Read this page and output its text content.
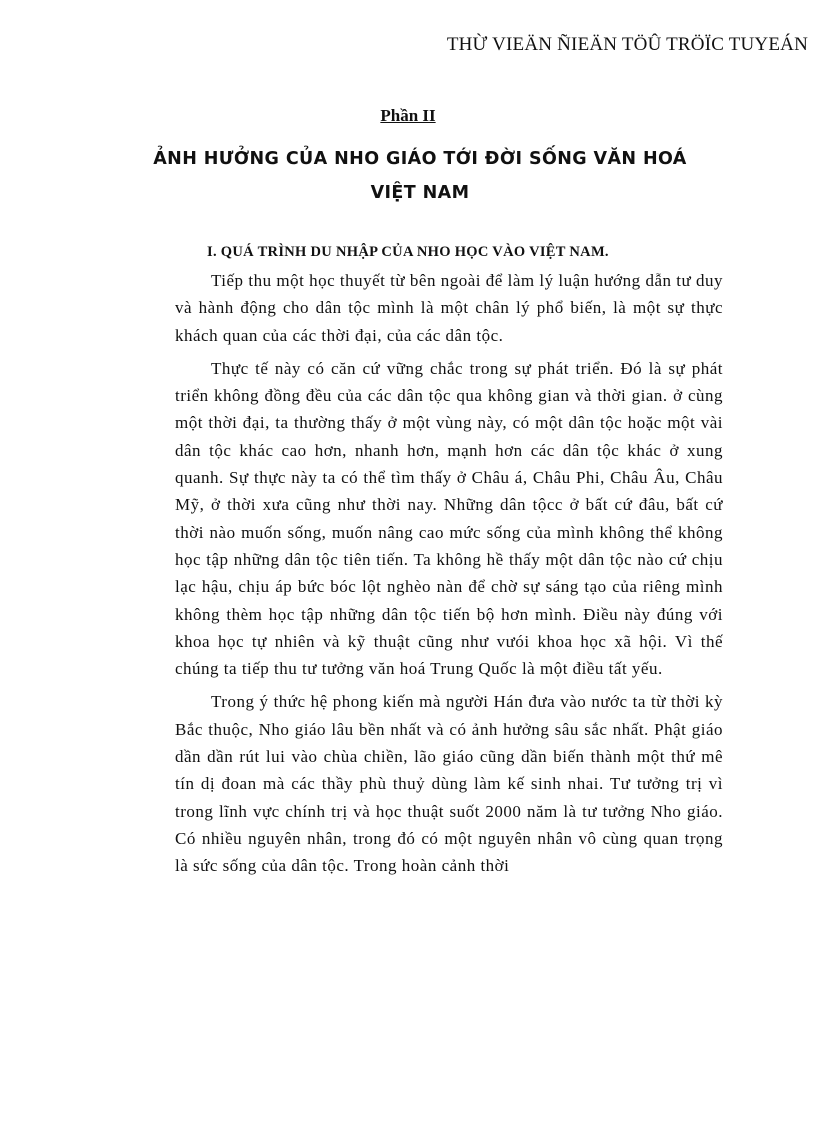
THỪ VIEÄN ÑIEÄN TÖÛ TRÖÏC TUYEÁN
Phần II
ẢNH HƯỞNG CỦA NHO GIÁO TỚI ĐỜI SỐNG VĂN HOÁ VIỆT NAM
I. QUÁ TRÌNH DU NHẬP CỦA NHO HỌC VÀO VIỆT NAM.

Tiếp thu một học thuyết từ bên ngoài để làm lý luận hướng dẫn tư duy và hành động cho dân tộc mình là một chân lý phổ biến, là một sự thực khách quan của các thời đại, của các dân tộc.

Thực tế này có căn cứ vững chắc trong sự phát triển. Đó là sự phát triển không đồng đều của các dân tộc qua không gian và thời gian. ở cùng một thời đại, ta thường thấy ở một vùng này, có một dân tộc hoặc một vài dân tộc khác cao hơn, nhanh hơn, mạnh hơn các dân tộc khác ở xung quanh. Sự thực này ta có thể tìm thấy ở Châu á, Châu Phi, Châu Âu, Châu Mỹ, ở thời xưa cũng như thời nay. Những dân tộcc ở bất cứ đâu, bất cứ thời nào muốn sống, muốn nâng cao mức sống của mình không thể không học tập những dân tộc tiên tiến. Ta không hề thấy một dân tộc nào cứ chịu lạc hậu, chịu áp bức bóc lột nghèo nàn để chờ sự sáng tạo của riêng mình không thèm học tập những dân tộc tiến bộ hơn mình. Điều này đúng với khoa học tự nhiên và kỹ thuật cũng như vưói khoa học xã hội. Vì thế chúng ta tiếp thu tư tưởng văn hoá Trung Quốc là một điều tất yếu.

Trong ý thức hệ phong kiến mà người Hán đưa vào nước ta từ thời kỳ Bắc thuộc, Nho giáo lâu bền nhất và có ảnh hưởng sâu sắc nhất. Phật giáo dần dần rút lui vào chùa chiền, lão giáo cũng dần biến thành một thứ mê tín dị đoan mà các thầy phù thuỷ dùng làm kế sinh nhai. Tư tưởng trị vì trong lĩnh vực chính trị và học thuật suốt 2000 năm là tư tưởng Nho giáo. Có nhiều nguyên nhân, trong đó có một nguyên nhân vô cùng quan trọng là sức sống của dân tộc. Trong hoàn cảnh thời
